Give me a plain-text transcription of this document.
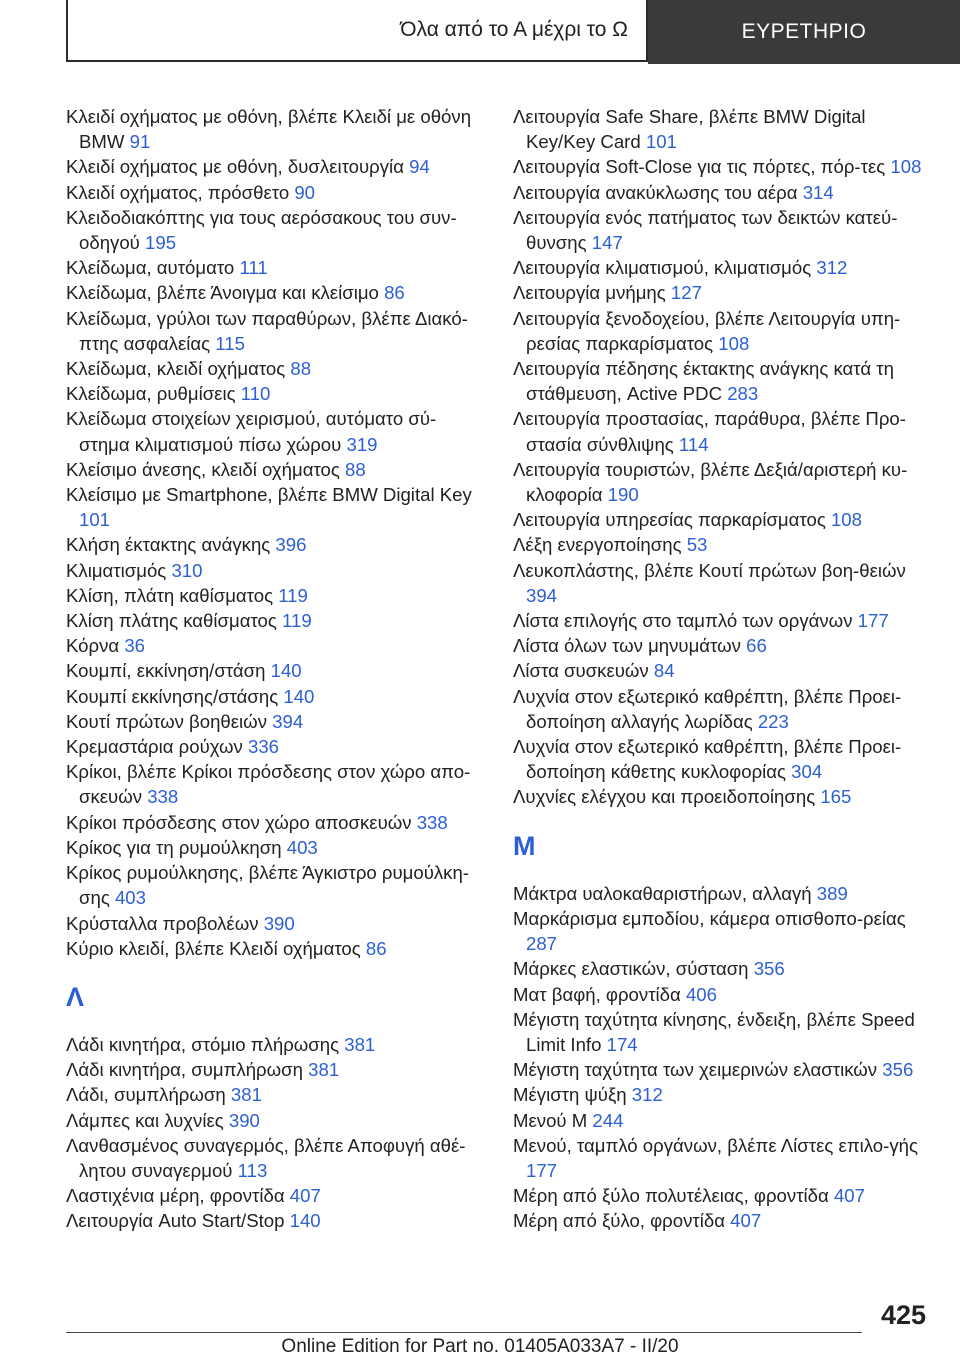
Όλα από το Α μέχρι το Ω	ΕΥΡΕΤΗΡΙΟ

Κλειδί οχήματος με οθόνη, βλέπε Κλειδί με οθόνη BMW 91

Κλειδί οχήματος με οθόνη, δυσλειτουργία 94

Κλειδί οχήματος, πρόσθετο 90

Κλειδοδιακόπτης για τους αερόσακους του συν‐οδηγού 195

Κλείδωμα, αυτόματο 111

Κλείδωμα, βλέπε Άνοιγμα και κλείσιμο 86

Κλείδωμα, γρύλοι των παραθύρων, βλέπε Διακό‐πτης ασφαλείας 115

Κλείδωμα, κλειδί οχήματος 88

Κλείδωμα, ρυθμίσεις 110

Κλείδωμα στοιχείων χειρισμού, αυτόματο σύ‐στημα κλιματισμού πίσω χώρου 319

Κλείσιμο άνεσης, κλειδί οχήματος 88

Κλείσιμο με Smartphone, βλέπε BMW Digital Key 101

Κλήση έκτακτης ανάγκης 396

Κλιματισμός 310

Κλίση, πλάτη καθίσματος 119

Κλίση πλάτης καθίσματος 119

Κόρνα 36

Κουμπί, εκκίνηση/στάση 140

Κουμπί εκκίνησης/στάσης 140

Κουτί πρώτων βοηθειών 394

Κρεμαστάρια ρούχων 336

Κρίκοι, βλέπε Κρίκοι πρόσδεσης στον χώρο απο‐σκευών 338

Κρίκοι πρόσδεσης στον χώρο αποσκευών 338

Κρίκος για τη ρυμούλκηση 403

Κρίκος ρυμούλκησης, βλέπε Άγκιστρο ρυμούλκη‐σης 403

Κρύσταλλα προβολέων 390

Κύριο κλειδί, βλέπε Κλειδί οχήματος 86

Λ

Λάδι κινητήρα, στόμιο πλήρωσης 381

Λάδι κινητήρα, συμπλήρωση 381

Λάδι, συμπλήρωση 381

Λάμπες και λυχνίες 390

Λανθασμένος συναγερμός, βλέπε Αποφυγή αθέ‐λητου συναγερμού 113

Λαστιχένια μέρη, φροντίδα 407

Λειτουργία Auto Start/Stop 140

Λειτουργία Safe Share, βλέπε BMW Digital Key/Key Card 101

Λειτουργία Soft-Close για τις πόρτες, πόρ‐τες 108

Λειτουργία ανακύκλωσης του αέρα 314

Λειτουργία ενός πατήματος των δεικτών κατεύ‐θυνσης 147

Λειτουργία κλιματισμού, κλιματισμός 312

Λειτουργία μνήμης 127

Λειτουργία ξενοδοχείου, βλέπε Λειτουργία υπη‐ρεσίας παρκαρίσματος 108

Λειτουργία πέδησης έκτακτης ανάγκης κατά τη στάθμευση, Active PDC 283

Λειτουργία προστασίας, παράθυρα, βλέπε Προ‐στασία σύνθλιψης 114

Λειτουργία τουριστών, βλέπε Δεξιά/αριστερή κυ‐κλοφορία 190

Λειτουργία υπηρεσίας παρκαρίσματος 108

Λέξη ενεργοποίησης 53

Λευκοπλάστης, βλέπε Κουτί πρώτων βοη‐θειών 394

Λίστα επιλογής στο ταμπλό των οργάνων 177

Λίστα όλων των μηνυμάτων 66

Λίστα συσκευών 84

Λυχνία στον εξωτερικό καθρέπτη, βλέπε Προει‐δοποίηση αλλαγής λωρίδας 223

Λυχνία στον εξωτερικό καθρέπτη, βλέπε Προει‐δοποίηση κάθετης κυκλοφορίας 304

Λυχνίες ελέγχου και προειδοποίησης 165

Μ

Μάκτρα υαλοκαθαριστήρων, αλλαγή 389

Μαρκάρισμα εμποδίου, κάμερα οπισθοπο‐ρείας 287

Μάρκες ελαστικών, σύσταση 356

Ματ βαφή, φροντίδα 406

Μέγιστη ταχύτητα κίνησης, ένδειξη, βλέπε Speed Limit Info 174

Μέγιστη ταχύτητα των χειμερινών ελαστικών 356

Μέγιστη ψύξη 312

Μενού M 244

Μενού, ταμπλό οργάνων, βλέπε Λίστες επιλο‐γής 177

Μέρη από ξύλο πολυτέλειας, φροντίδα 407

Μέρη από ξύλο, φροντίδα 407

425
Online Edition for Part no. 01405A033A7 - II/20
